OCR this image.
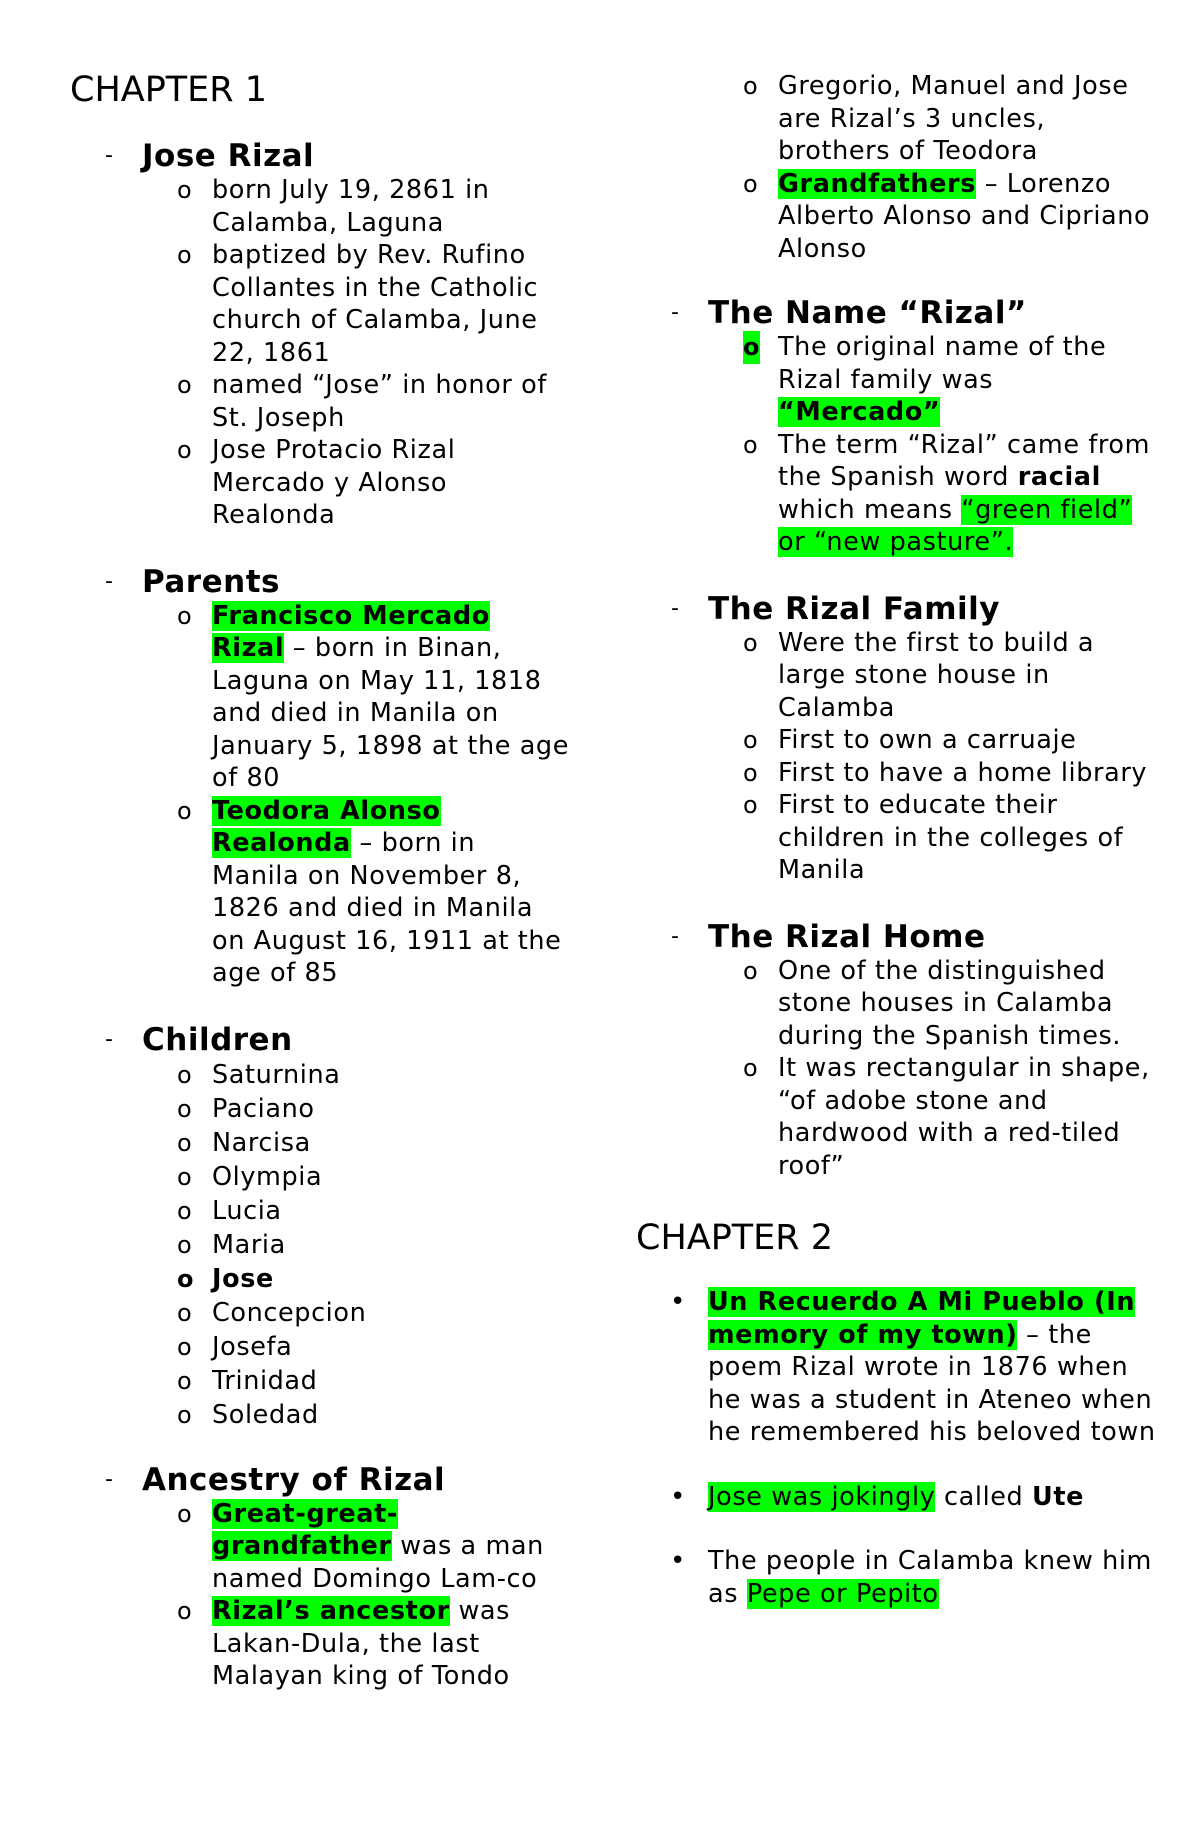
CHAPTER 1
- Jose Rizal
o born July 19, 2861 in Calamba, Laguna
o baptized by Rev. Rufino Collantes in the Catholic church of Calamba, June 22, 1861
o named “Jose” in honor of St. Joseph
o Jose Protacio Rizal Mercado y Alonso Realonda
- Parents
o Francisco Mercado Rizal – born in Binan, Laguna on May 11, 1818 and died in Manila on January 5, 1898 at the age of 80
o Teodora Alonso Realonda – born in Manila on November 8, 1826 and died in Manila on August 16, 1911 at the age of 85
- Children
o Saturnina
o Paciano
o Narcisa
o Olympia
o Lucia
o Maria
o Jose
o Concepcion
o Josefa
o Trinidad
o Soledad
- Ancestry of Rizal
o Great-great-grandfather was a man named Domingo Lam-co
o Rizal’s ancestor was Lakan-Dula, the last Malayan king of Tondo
o Gregorio, Manuel and Jose are Rizal’s 3 uncles, brothers of Teodora
o Grandfathers – Lorenzo Alberto Alonso and Cipriano Alonso
- The Name “Rizal”
o The original name of the Rizal family was “Mercado”
o The term “Rizal” came from the Spanish word racial which means “green field” or “new pasture”.
- The Rizal Family
o Were the first to build a large stone house in Calamba
o First to own a carruaje
o First to have a home library
o First to educate their children in the colleges of Manila
- The Rizal Home
o One of the distinguished stone houses in Calamba during the Spanish times.
o It was rectangular in shape, “of adobe stone and hardwood with a red-tiled roof”
CHAPTER 2
• Un Recuerdo A Mi Pueblo (In memory of my town) – the poem Rizal wrote in 1876 when he was a student in Ateneo when he remembered his beloved town
• Jose was jokingly called Ute
• The people in Calamba knew him as Pepe or Pepito
